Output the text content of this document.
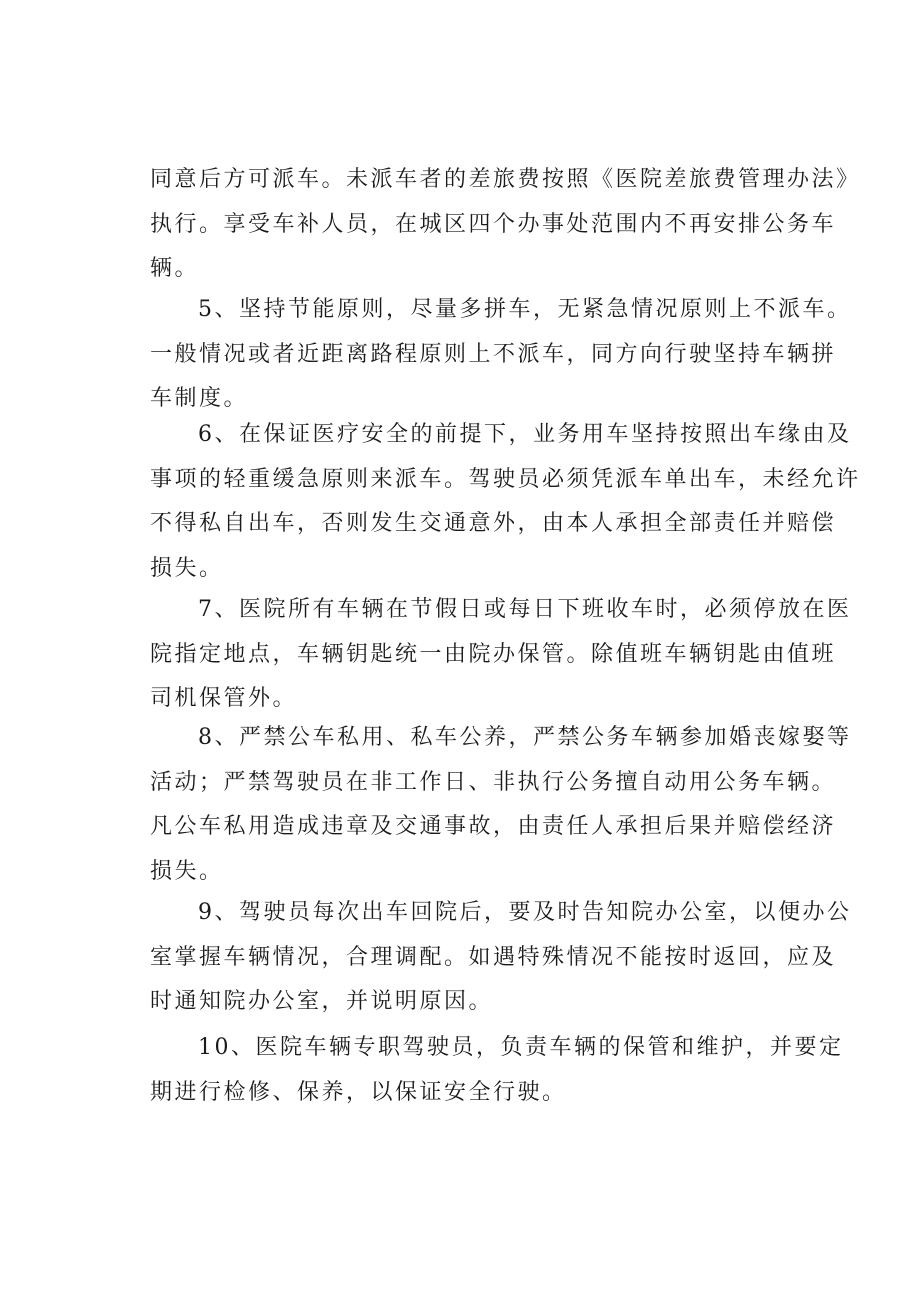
同意后方可派车。未派车者的差旅费按照《医院差旅费管理办法》
执行。享受车补人员，在城区四个办事处范围内不再安排公务车
辆。
5、坚持节能原则，尽量多拼车，无紧急情况原则上不派车。
一般情况或者近距离路程原则上不派车，同方向行驶坚持车辆拼
车制度。
6、在保证医疗安全的前提下，业务用车坚持按照出车缘由及
事项的轻重缓急原则来派车。驾驶员必须凭派车单出车，未经允许
不得私自出车，否则发生交通意外，由本人承担全部责任并赔偿
损失。
7、医院所有车辆在节假日或每日下班收车时，必须停放在医
院指定地点，车辆钥匙统一由院办保管。除值班车辆钥匙由值班
司机保管外。
8、严禁公车私用、私车公养，严禁公务车辆参加婚丧嫁娶等
活动；严禁驾驶员在非工作日、非执行公务擅自动用公务车辆。
凡公车私用造成违章及交通事故，由责任人承担后果并赔偿经济
损失。
9、驾驶员每次出车回院后，要及时告知院办公室，以便办公
室掌握车辆情况，合理调配。如遇特殊情况不能按时返回，应及
时通知院办公室，并说明原因。
10、医院车辆专职驾驶员，负责车辆的保管和维护，并要定
期进行检修、保养，以保证安全行驶。
